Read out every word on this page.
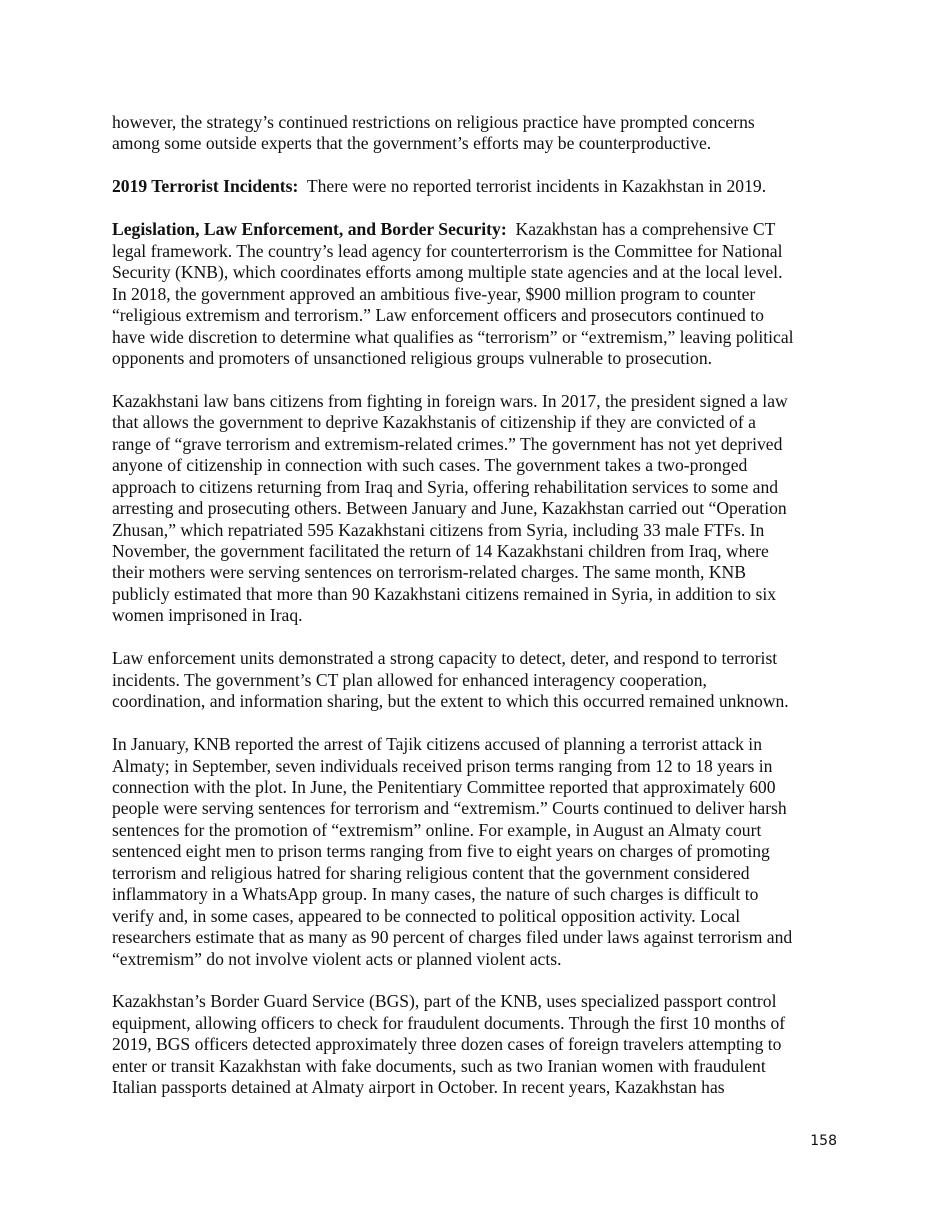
however, the strategy’s continued restrictions on religious practice have prompted concerns
among some outside experts that the government’s efforts may be counterproductive.

2019 Terrorist Incidents: There were no reported terrorist incidents in Kazakhstan in 2019.

Legislation, Law Enforcement, and Border Security: Kazakhstan has a comprehensive CT
legal framework. The country’s lead agency for counterterrorism is the Committee for National
Security (KNB), which coordinates efforts among multiple state agencies and at the local level.
In 2018, the government approved an ambitious five-year, $900 million program to counter
“religious extremism and terrorism.” Law enforcement officers and prosecutors continued to
have wide discretion to determine what qualifies as “terrorism” or “extremism,” leaving political
opponents and promoters of unsanctioned religious groups vulnerable to prosecution.

Kazakhstani law bans citizens from fighting in foreign wars. In 2017, the president signed a law
that allows the government to deprive Kazakhstanis of citizenship if they are convicted of a
range of “grave terrorism and extremism-related crimes.” The government has not yet deprived
anyone of citizenship in connection with such cases. The government takes a two-pronged
approach to citizens returning from Iraq and Syria, offering rehabilitation services to some and
arresting and prosecuting others. Between January and June, Kazakhstan carried out “Operation
Zhusan,” which repatriated 595 Kazakhstani citizens from Syria, including 33 male FTFs. In
November, the government facilitated the return of 14 Kazakhstani children from Iraq, where
their mothers were serving sentences on terrorism-related charges. The same month, KNB
publicly estimated that more than 90 Kazakhstani citizens remained in Syria, in addition to six
women imprisoned in Iraq.

Law enforcement units demonstrated a strong capacity to detect, deter, and respond to terrorist
incidents. The government’s CT plan allowed for enhanced interagency cooperation,
coordination, and information sharing, but the extent to which this occurred remained unknown.

In January, KNB reported the arrest of Tajik citizens accused of planning a terrorist attack in
Almaty; in September, seven individuals received prison terms ranging from 12 to 18 years in
connection with the plot. In June, the Penitentiary Committee reported that approximately 600
people were serving sentences for terrorism and “extremism.” Courts continued to deliver harsh
sentences for the promotion of “extremism” online. For example, in August an Almaty court
sentenced eight men to prison terms ranging from five to eight years on charges of promoting
terrorism and religious hatred for sharing religious content that the government considered
inflammatory in a WhatsApp group. In many cases, the nature of such charges is difficult to
verify and, in some cases, appeared to be connected to political opposition activity. Local
researchers estimate that as many as 90 percent of charges filed under laws against terrorism and
“extremism” do not involve violent acts or planned violent acts.

Kazakhstan’s Border Guard Service (BGS), part of the KNB, uses specialized passport control
equipment, allowing officers to check for fraudulent documents. Through the first 10 months of
2019, BGS officers detected approximately three dozen cases of foreign travelers attempting to
enter or transit Kazakhstan with fake documents, such as two Iranian women with fraudulent
Italian passports detained at Almaty airport in October. In recent years, Kazakhstan has

158
